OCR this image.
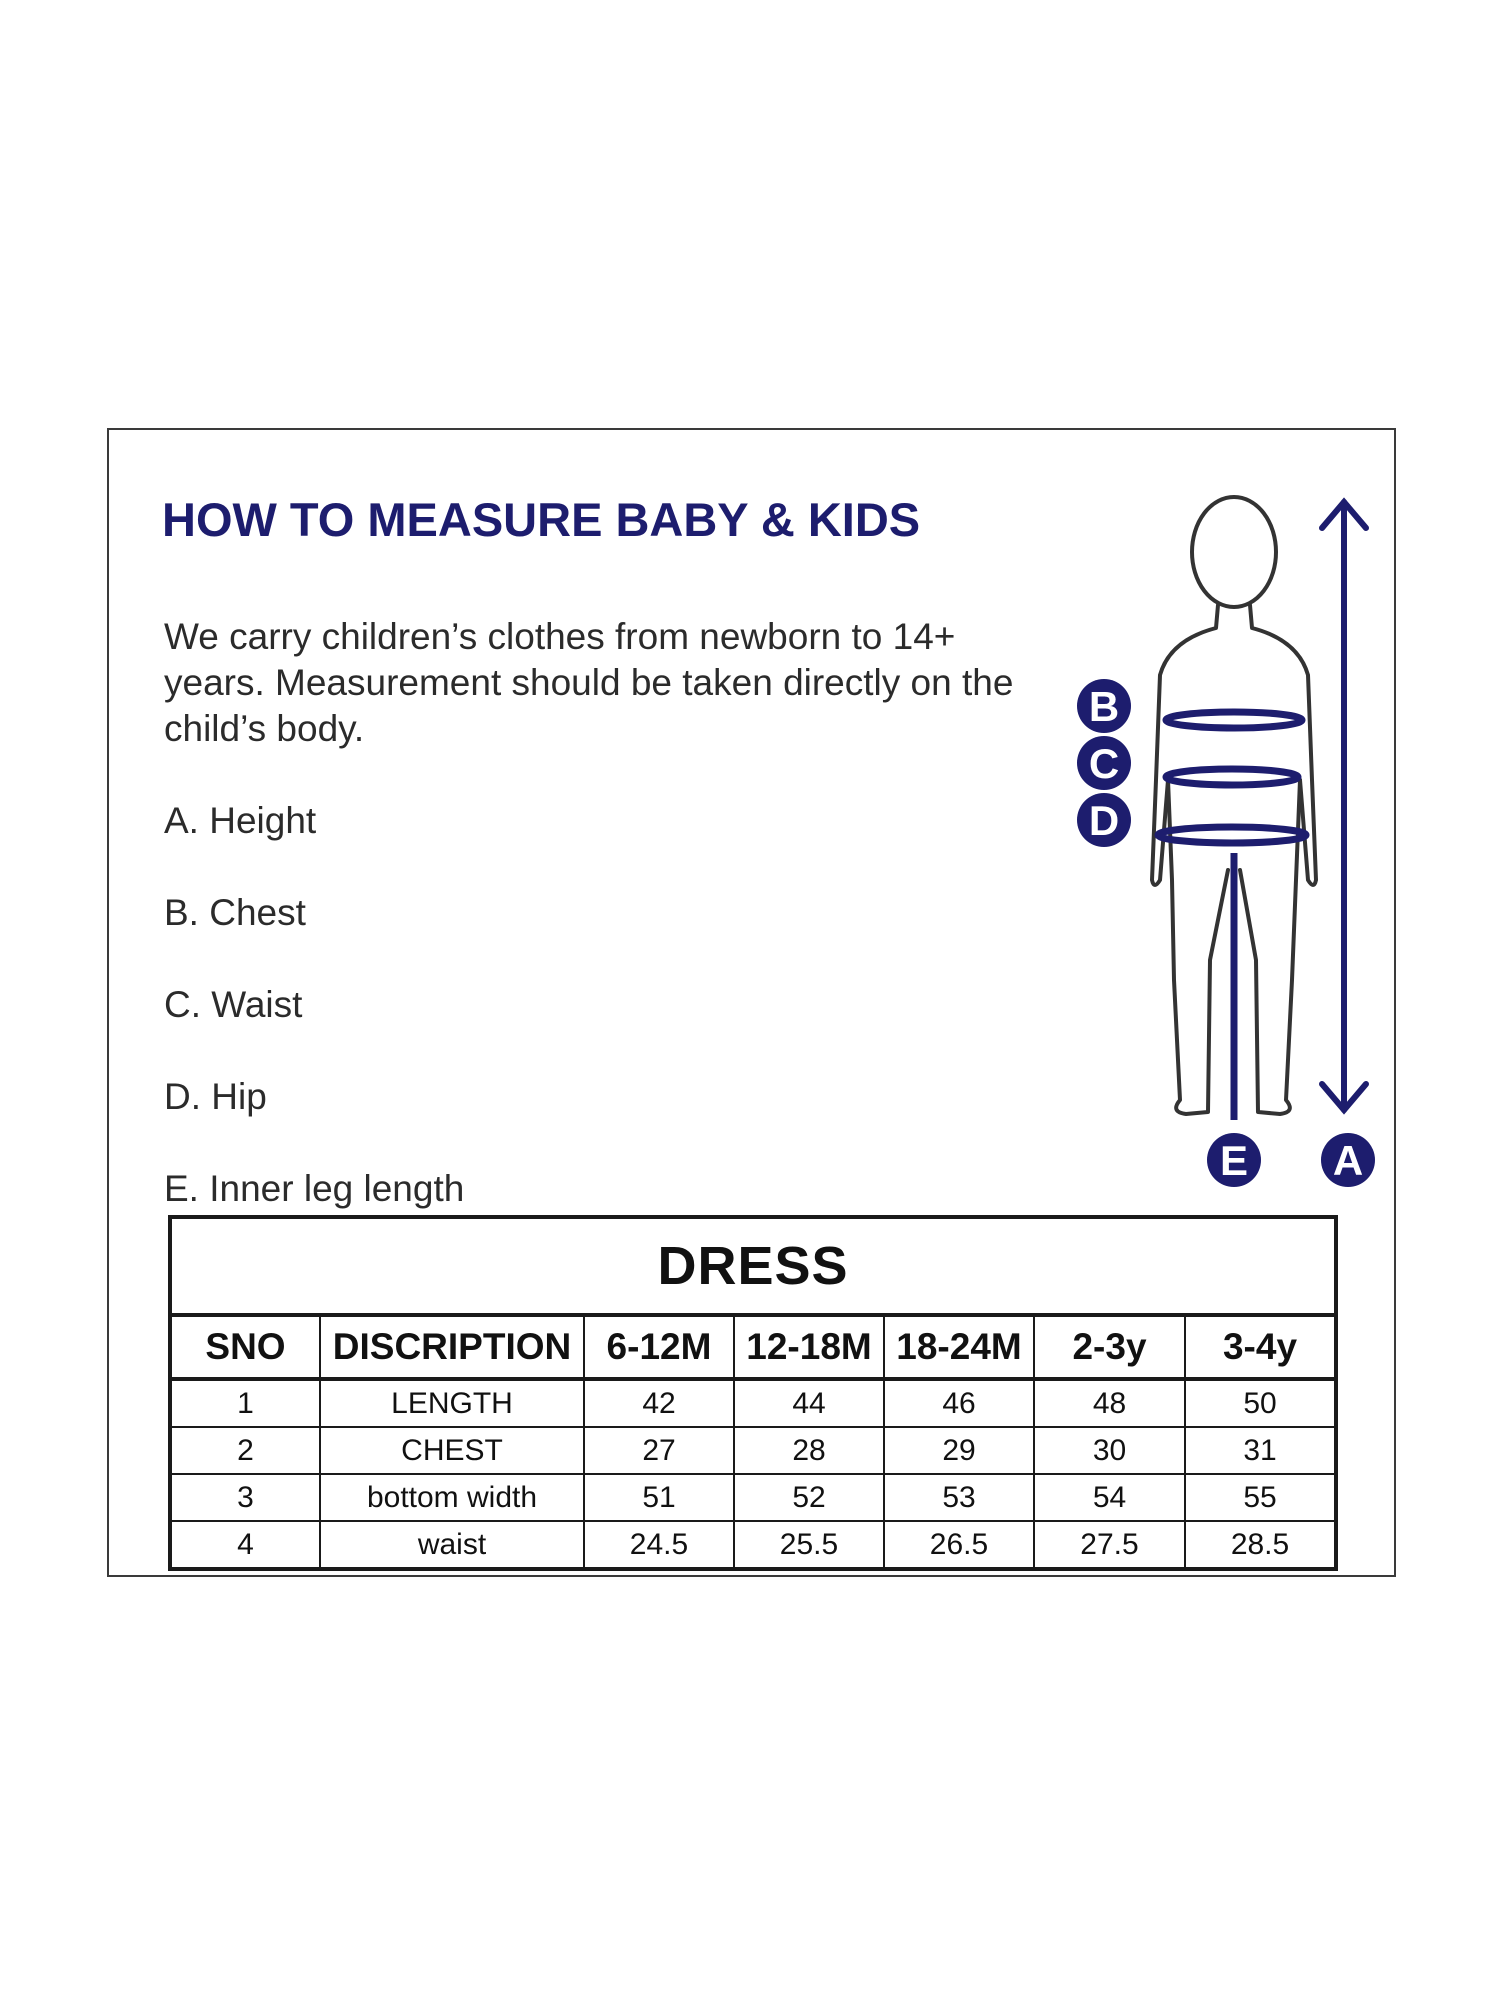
HOW TO MEASURE BABY & KIDS

We carry children’s clothes from newborn to 14+ years. Measurement should be taken directly on the child’s body.

A. Height
B. Chest
C. Waist
D. Hip
E. Inner leg length
B
C
D
E A
DRESS						
SNO	DISCRIPTION	6-12M	12-18M	18-24M	2-3y	3-4y
1	LENGTH	42	44	46	48	50
2	CHEST	27	28	29	30	31
3	bottom width	51	52	53	54	55
4	waist	24.5	25.5	26.5	27.5	28.5
